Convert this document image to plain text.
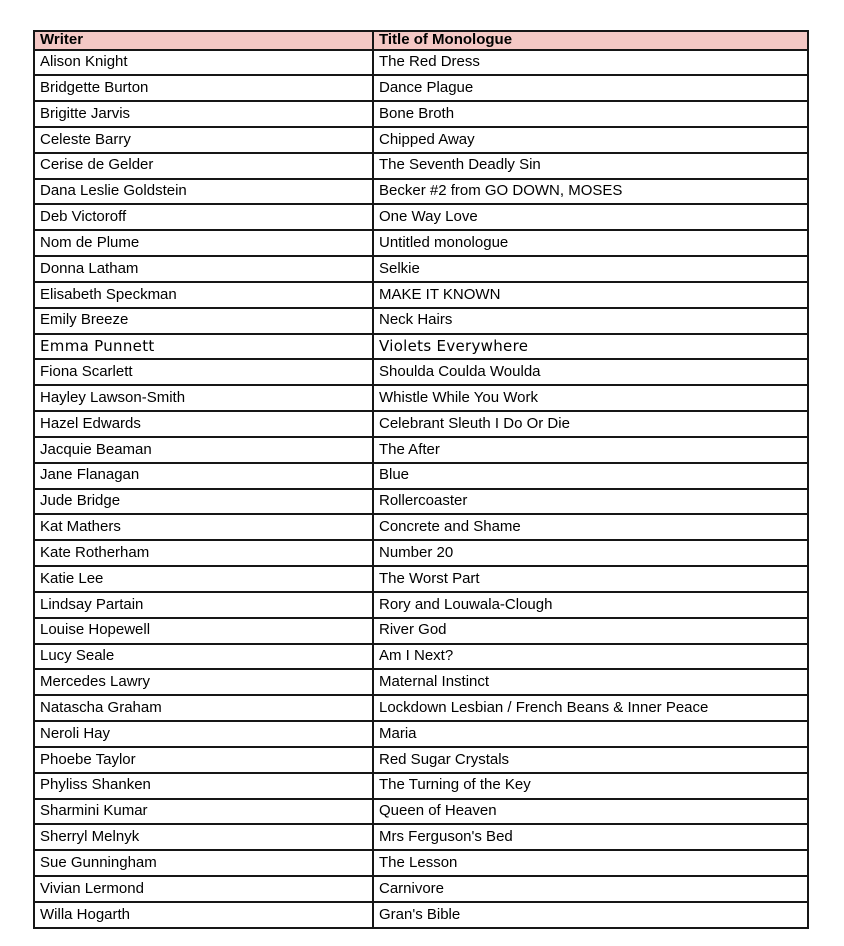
Writer	Title of Monologue
Alison Knight	The Red Dress
Bridgette Burton	Dance Plague
Brigitte Jarvis	Bone Broth
Celeste Barry	Chipped Away
Cerise de Gelder	The Seventh Deadly Sin
Dana Leslie Goldstein	Becker #2 from GO DOWN, MOSES
Deb Victoroff	One Way Love
Nom de Plume	Untitled monologue
Donna Latham	Selkie
Elisabeth Speckman	MAKE IT KNOWN
Emily Breeze	Neck Hairs
Emma Punnett	Violets Everywhere
Fiona Scarlett	Shoulda Coulda Woulda
Hayley Lawson-Smith	Whistle While You Work
Hazel Edwards	Celebrant Sleuth I Do Or Die
Jacquie Beaman	The After
Jane Flanagan	Blue
Jude Bridge	Rollercoaster
Kat Mathers	Concrete and Shame
Kate Rotherham	Number 20
Katie Lee	The Worst Part
Lindsay Partain	Rory and Louwala-Clough
Louise Hopewell	River God
Lucy Seale	Am I Next?
Mercedes Lawry	Maternal Instinct
Natascha Graham	Lockdown Lesbian / French Beans & Inner Peace
Neroli Hay	Maria
Phoebe Taylor	Red Sugar Crystals
Phyliss Shanken	The Turning of the Key
Sharmini Kumar	Queen of Heaven
Sherryl Melnyk	Mrs Ferguson's Bed
Sue Gunningham	The Lesson
Vivian Lermond	Carnivore
Willa Hogarth	Gran's Bible
